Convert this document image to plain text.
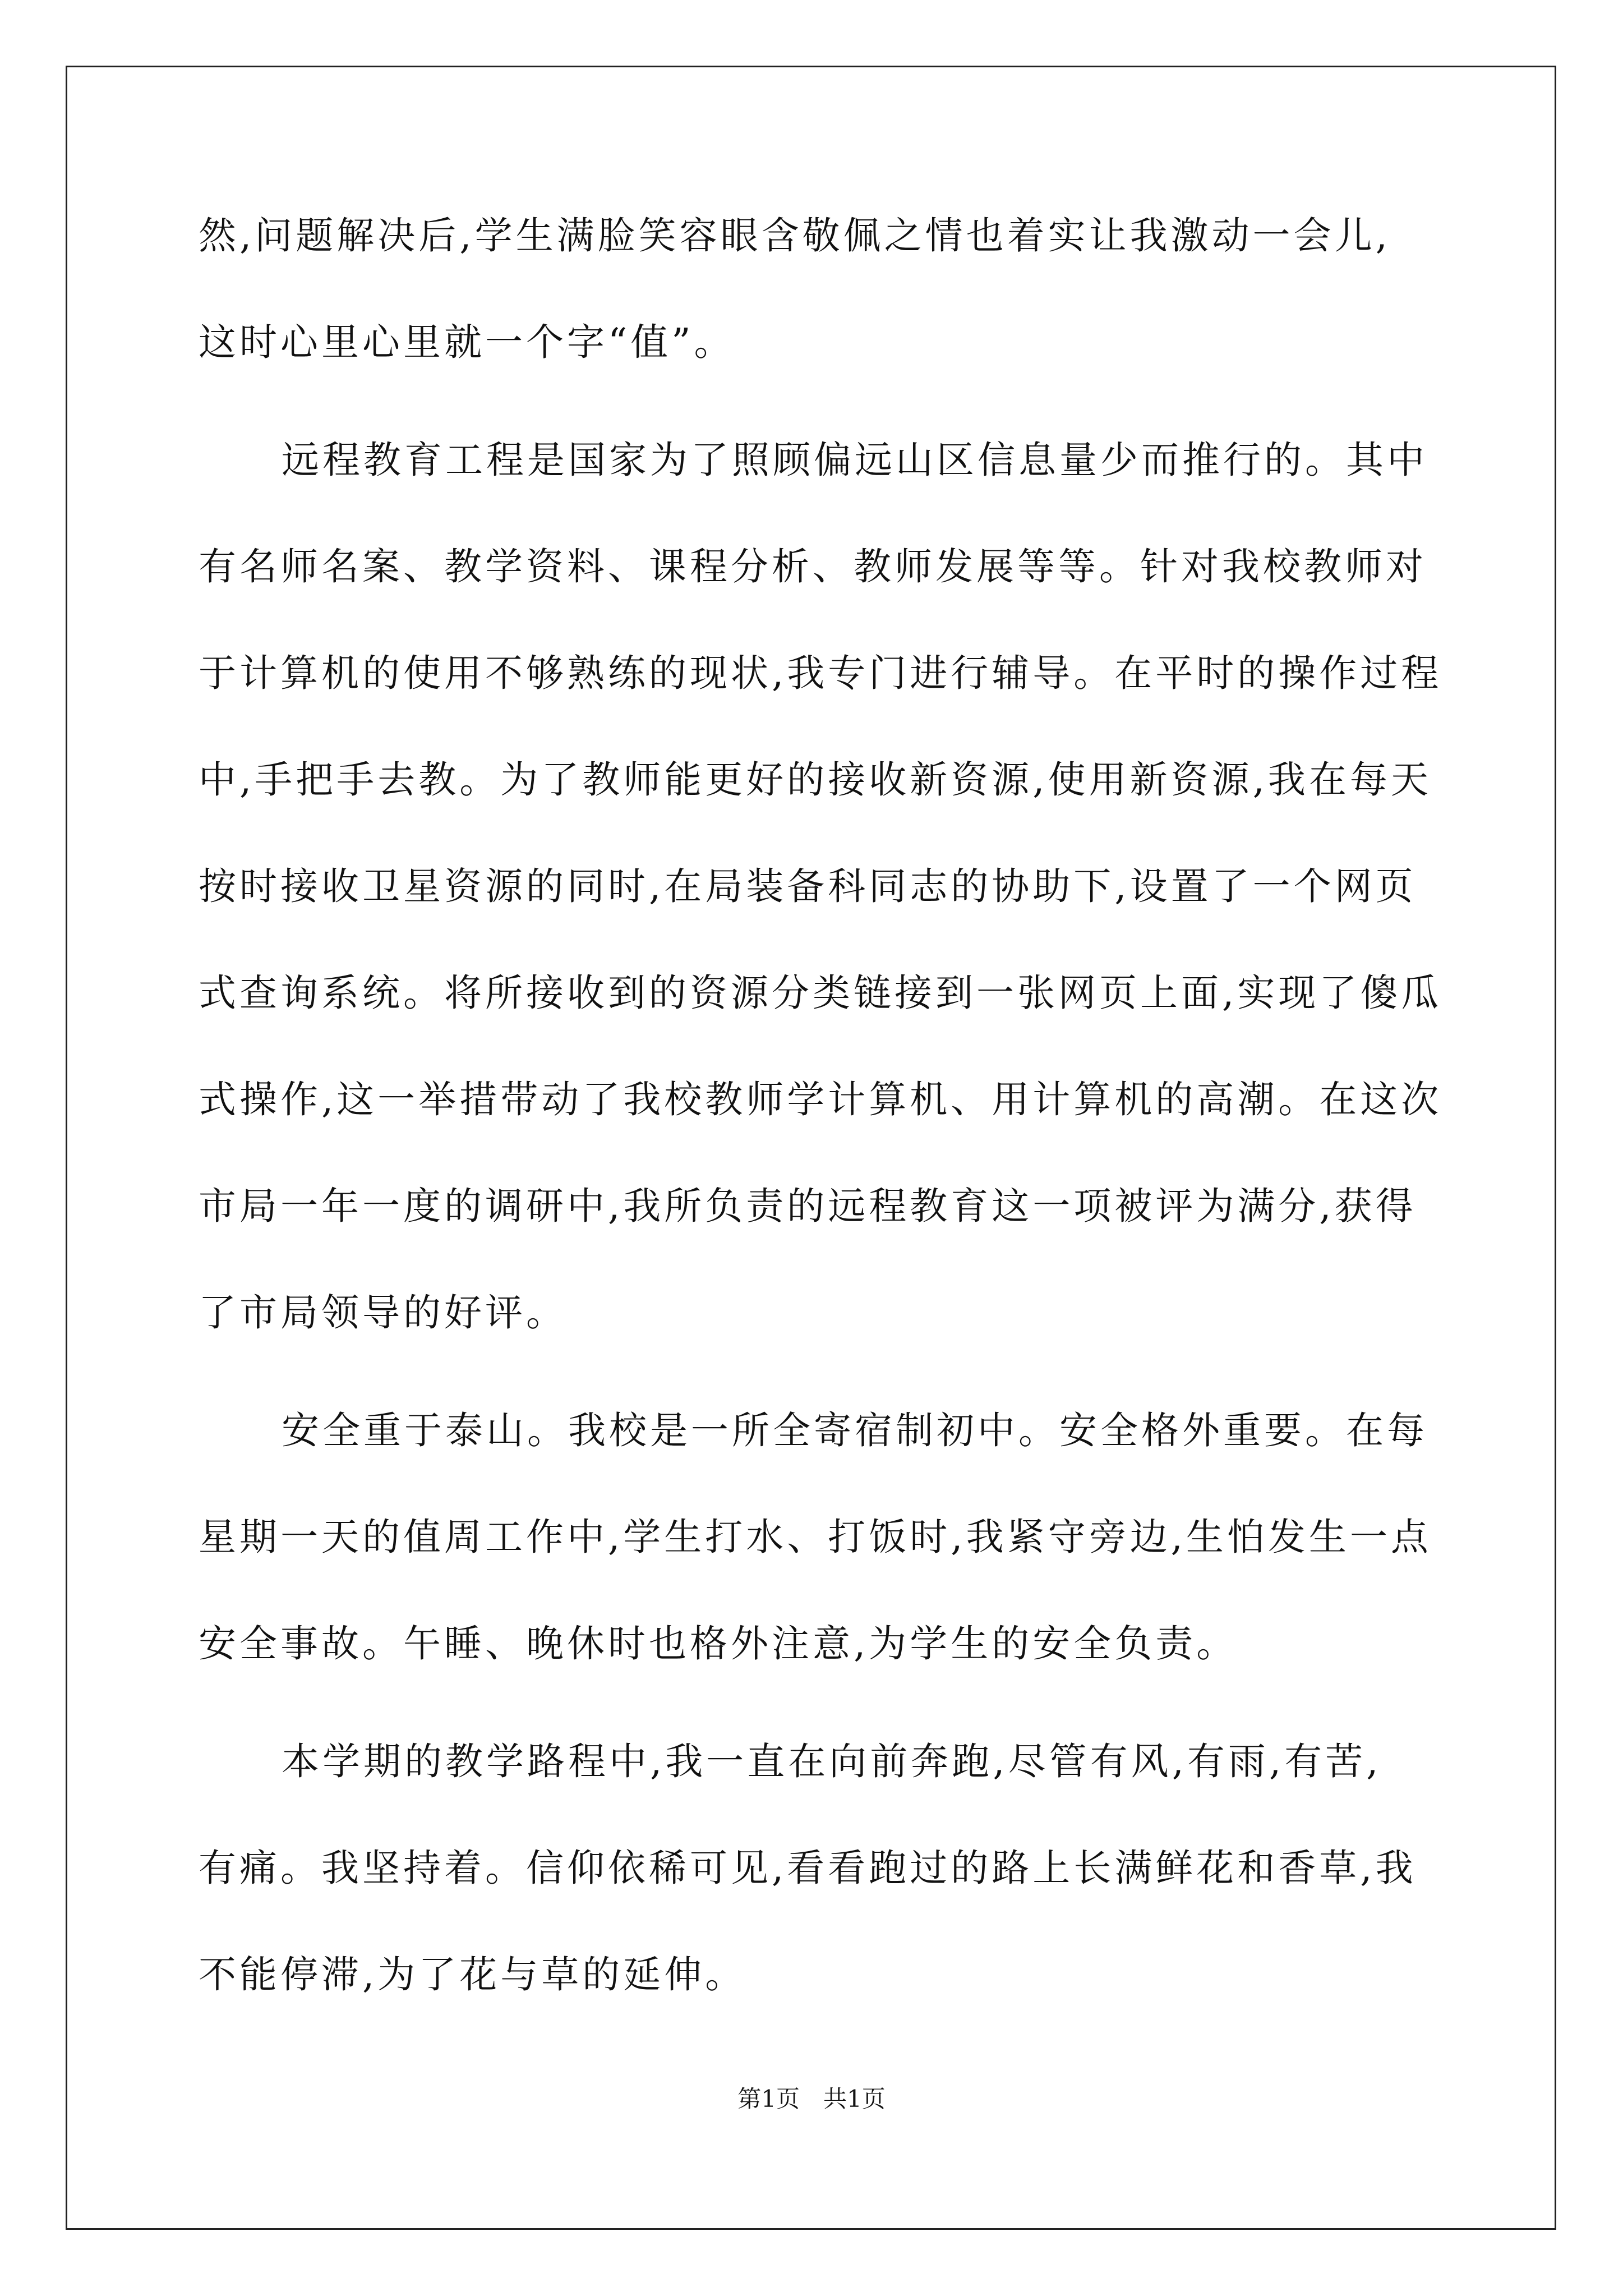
然,问题解决后,学生满脸笑容眼含敬佩之情也着实让我激动一会儿,
这时心里心里就一个字“值”。
远程教育工程是国家为了照顾偏远山区信息量少而推行的。其中
有名师名案、教学资料、课程分析、教师发展等等。针对我校教师对
于计算机的使用不够熟练的现状,我专门进行辅导。在平时的操作过程
中,手把手去教。为了教师能更好的接收新资源,使用新资源,我在每天
按时接收卫星资源的同时,在局装备科同志的协助下,设置了一个网页
式查询系统。将所接收到的资源分类链接到一张网页上面,实现了傻瓜
式操作,这一举措带动了我校教师学计算机、用计算机的高潮。在这次
市局一年一度的调研中,我所负责的远程教育这一项被评为满分,获得
了市局领导的好评。
安全重于泰山。我校是一所全寄宿制初中。安全格外重要。在每
星期一天的值周工作中,学生打水、打饭时,我紧守旁边,生怕发生一点
安全事故。午睡、晚休时也格外注意,为学生的安全负责。
本学期的教学路程中,我一直在向前奔跑,尽管有风,有雨,有苦,
有痛。我坚持着。信仰依稀可见,看看跑过的路上长满鲜花和香草,我
不能停滞,为了花与草的延伸。
第1页　共1页
